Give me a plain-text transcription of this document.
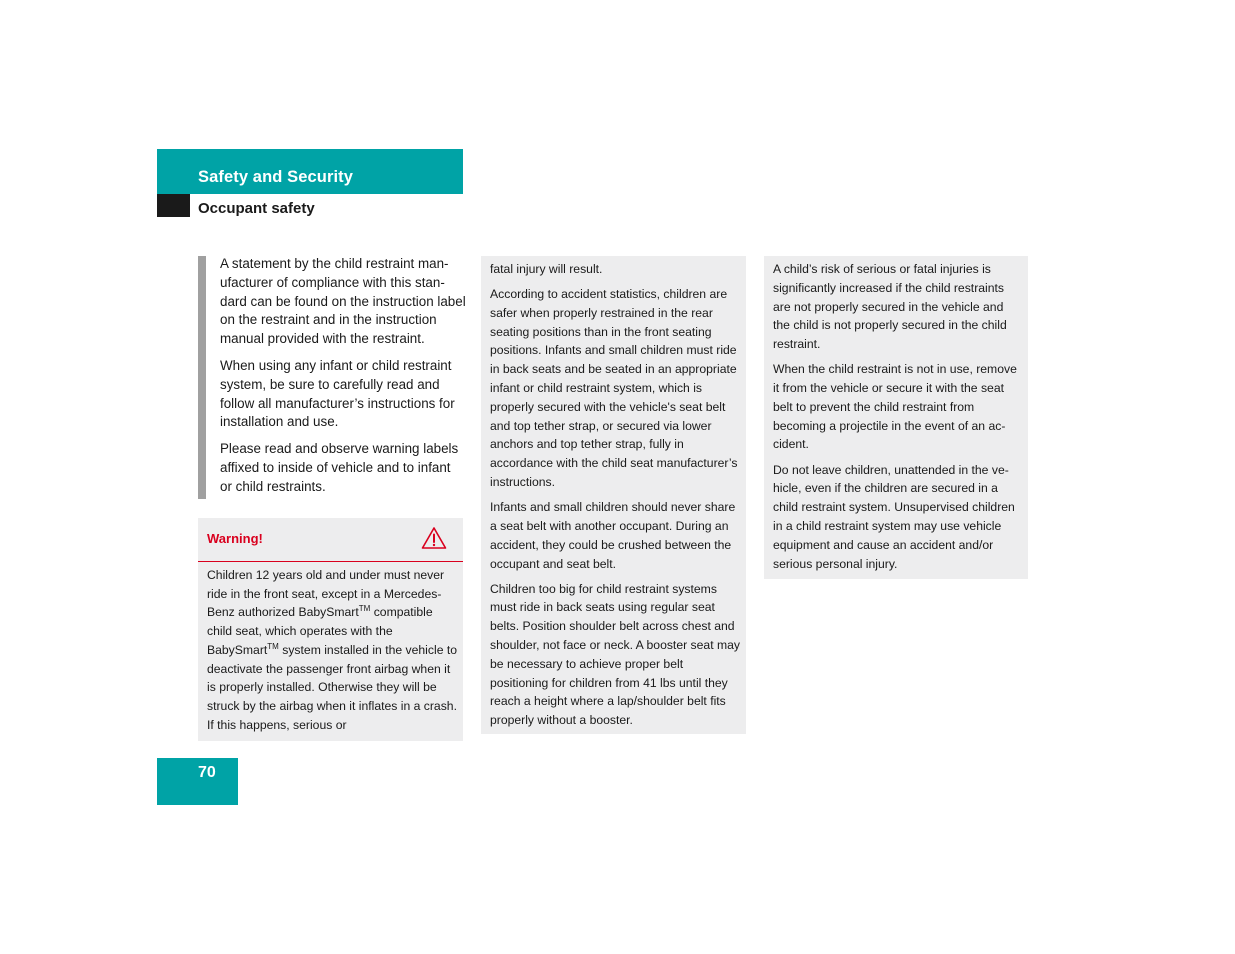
Safety and Security
Occupant safety

A statement by the child restraint manufacturer of compliance with this standard can be found on the instruction label on the restraint and in the instruction manual provided with the restraint.

When using any infant or child restraint system, be sure to carefully read and follow all manufacturer’s instructions for installation and use.

Please read and observe warning labels affixed to inside of vehicle and to infant or child restraints.

Warning!

Children 12 years old and under must never ride in the front seat, except in a Mercedes-Benz authorized BabySmart™ compatible child seat, which operates with the BabySmart™ system installed in the vehicle to deactivate the passenger front airbag when it is properly installed. Otherwise they will be struck by the airbag when it inflates in a crash. If this happens, serious or

fatal injury will result.

According to accident statistics, children are safer when properly restrained in the rear seating positions than in the front seating positions. Infants and small children must ride in back seats and be seated in an appropriate infant or child restraint system, which is properly secured with the vehicle's seat belt and top tether strap, or secured via lower anchors and top tether strap, fully in accordance with the child seat manufacturer’s instructions.

Infants and small children should never share a seat belt with another occupant. During an accident, they could be crushed between the occupant and seat belt.

Children too big for child restraint systems must ride in back seats using regular seat belts. Position shoulder belt across chest and shoulder, not face or neck. A booster seat may be necessary to achieve proper belt positioning for children from 41 lbs until they reach a height where a lap/shoulder belt fits properly without a booster.

A child’s risk of serious or fatal injuries is significantly increased if the child restraints are not properly secured in the vehicle and the child is not properly secured in the child restraint.

When the child restraint is not in use, remove it from the vehicle or secure it with the seat belt to prevent the child restraint from becoming a projectile in the event of an accident.

Do not leave children, unattended in the vehicle, even if the children are secured in a child restraint system. Unsupervised children in a child restraint system may use vehicle equipment and cause an accident and/or serious personal injury.

70
